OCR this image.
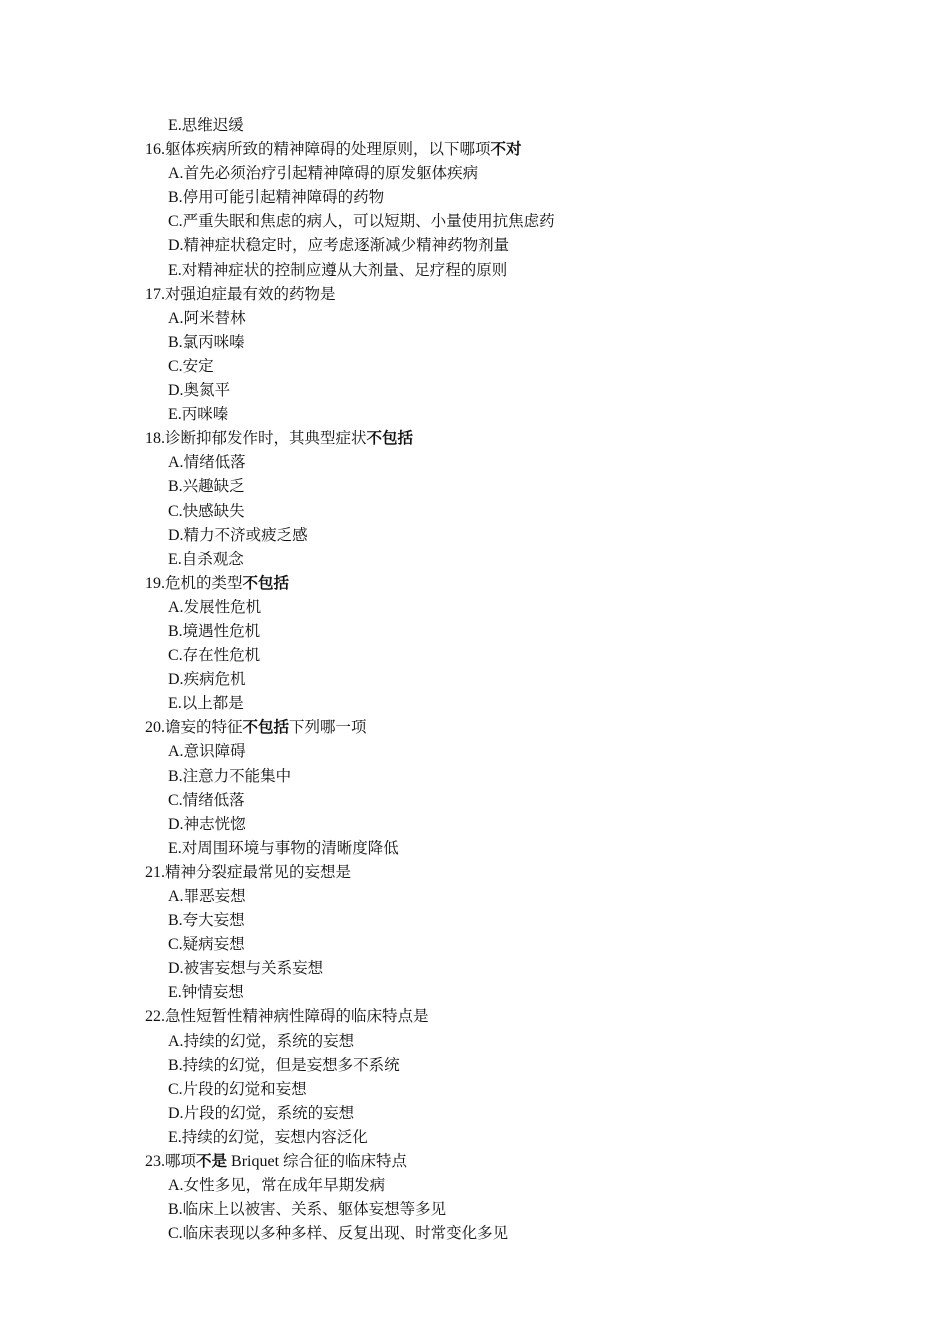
E.思维迟缓
16.躯体疾病所致的精神障碍的处理原则，以下哪项不对
A.首先必须治疗引起精神障碍的原发躯体疾病
B.停用可能引起精神障碍的药物
C.严重失眠和焦虑的病人，可以短期、小量使用抗焦虑药
D.精神症状稳定时，应考虑逐渐减少精神药物剂量
E.对精神症状的控制应遵从大剂量、足疗程的原则
17.对强迫症最有效的药物是
A.阿米替林
B.氯丙咪嗪
C.安定
D.奥氮平
E.丙咪嗪
18.诊断抑郁发作时，其典型症状不包括
A.情绪低落
B.兴趣缺乏
C.快感缺失
D.精力不济或疲乏感
E.自杀观念
19.危机的类型不包括
A.发展性危机
B.境遇性危机
C.存在性危机
D.疾病危机
E.以上都是
20.谵妄的特征不包括下列哪一项
A.意识障碍
B.注意力不能集中
C.情绪低落
D.神志恍惚
E.对周围环境与事物的清晰度降低
21.精神分裂症最常见的妄想是
A.罪恶妄想
B.夸大妄想
C.疑病妄想
D.被害妄想与关系妄想
E.钟情妄想
22.急性短暂性精神病性障碍的临床特点是
A.持续的幻觉，系统的妄想
B.持续的幻觉，但是妄想多不系统
C.片段的幻觉和妄想
D.片段的幻觉，系统的妄想
E.持续的幻觉，妄想内容泛化
23.哪项不是 Briquet 综合征的临床特点
A.女性多见，常在成年早期发病
B.临床上以被害、关系、躯体妄想等多见
C.临床表现以多种多样、反复出现、时常变化多见
